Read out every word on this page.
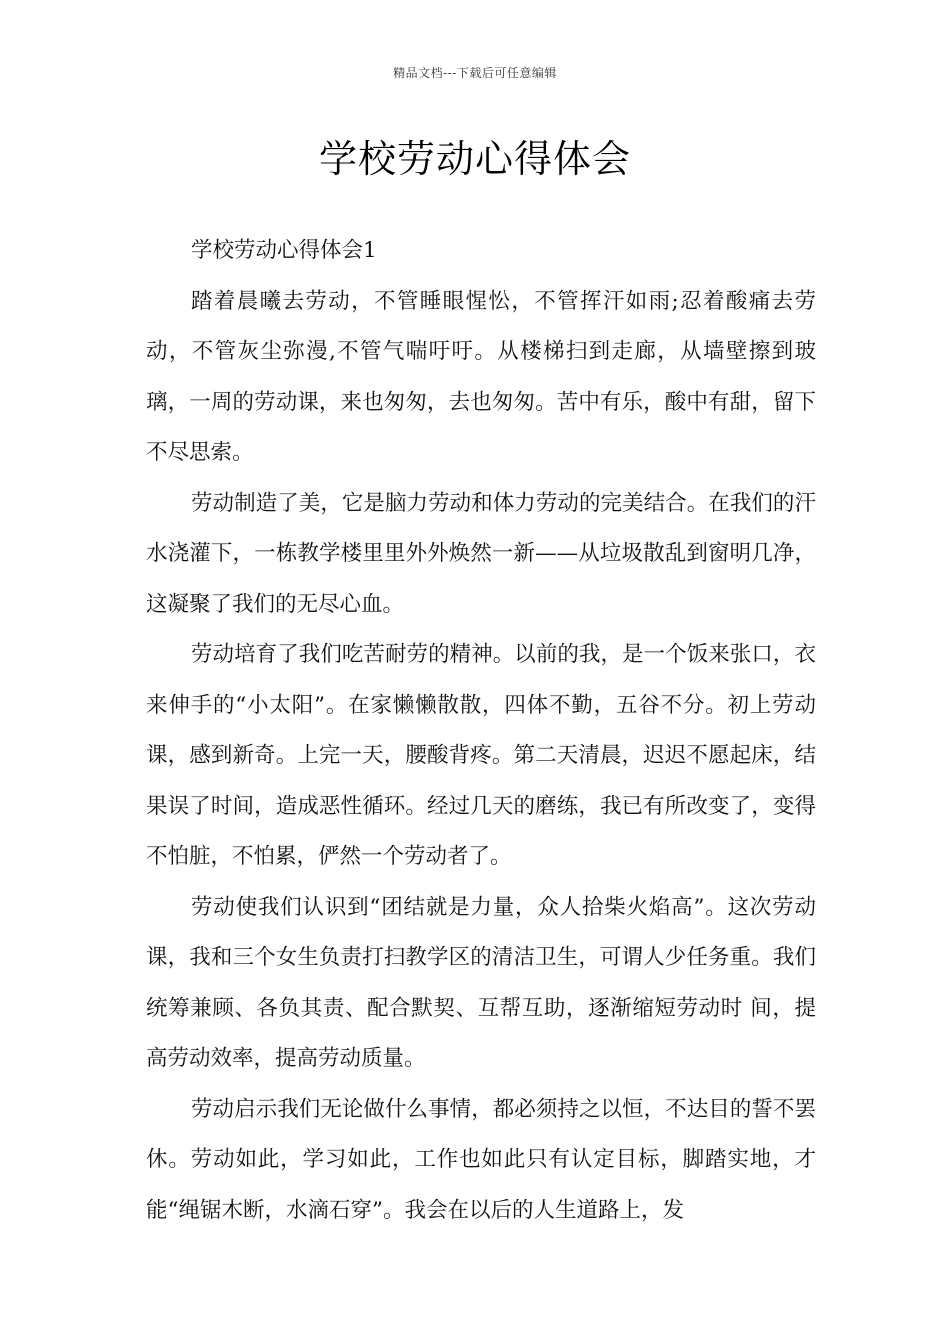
精品文档---下载后可任意编辑
学校劳动心得体会

学校劳动心得体会1

踏着晨曦去劳动，不管睡眼惺忪，不管挥汗如雨;忍着酸痛去劳动，不管灰尘弥漫,不管气喘吁吁。从楼梯扫到走廊，从墙壁擦到玻璃，一周的劳动课，来也匆匆，去也匆匆。苦中有乐，酸中有甜，留下不尽思索。

劳动制造了美，它是脑力劳动和体力劳动的完美结合。在我们的汗水浇灌下，一栋教学楼里里外外焕然一新——从垃圾散乱到窗明几净，这凝聚了我们的无尽心血。

劳动培育了我们吃苦耐劳的精神。以前的我，是一个饭来张口，衣来伸手的“小太阳”。在家懒懒散散，四体不勤，五谷不分。初上劳动课，感到新奇。上完一天，腰酸背疼。第二天清晨，迟迟不愿起床，结果误了时间，造成恶性循环。经过几天的磨练，我已有所改变了，变得不怕脏，不怕累，俨然一个劳动者了。

劳动使我们认识到“团结就是力量，众人拾柴火焰高”。这次劳动课，我和三个女生负责打扫教学区的清洁卫生，可谓人少任务重。我们统筹兼顾、各负其责、配合默契、互帮互助，逐渐缩短劳动时 间，提高劳动效率，提高劳动质量。

劳动启示我们无论做什么事情，都必须持之以恒，不达目的誓不罢休。劳动如此，学习如此，工作也如此只有认定目标，脚踏实地，才能“绳锯木断，水滴石穿”。我会在以后的人生道路上，发
